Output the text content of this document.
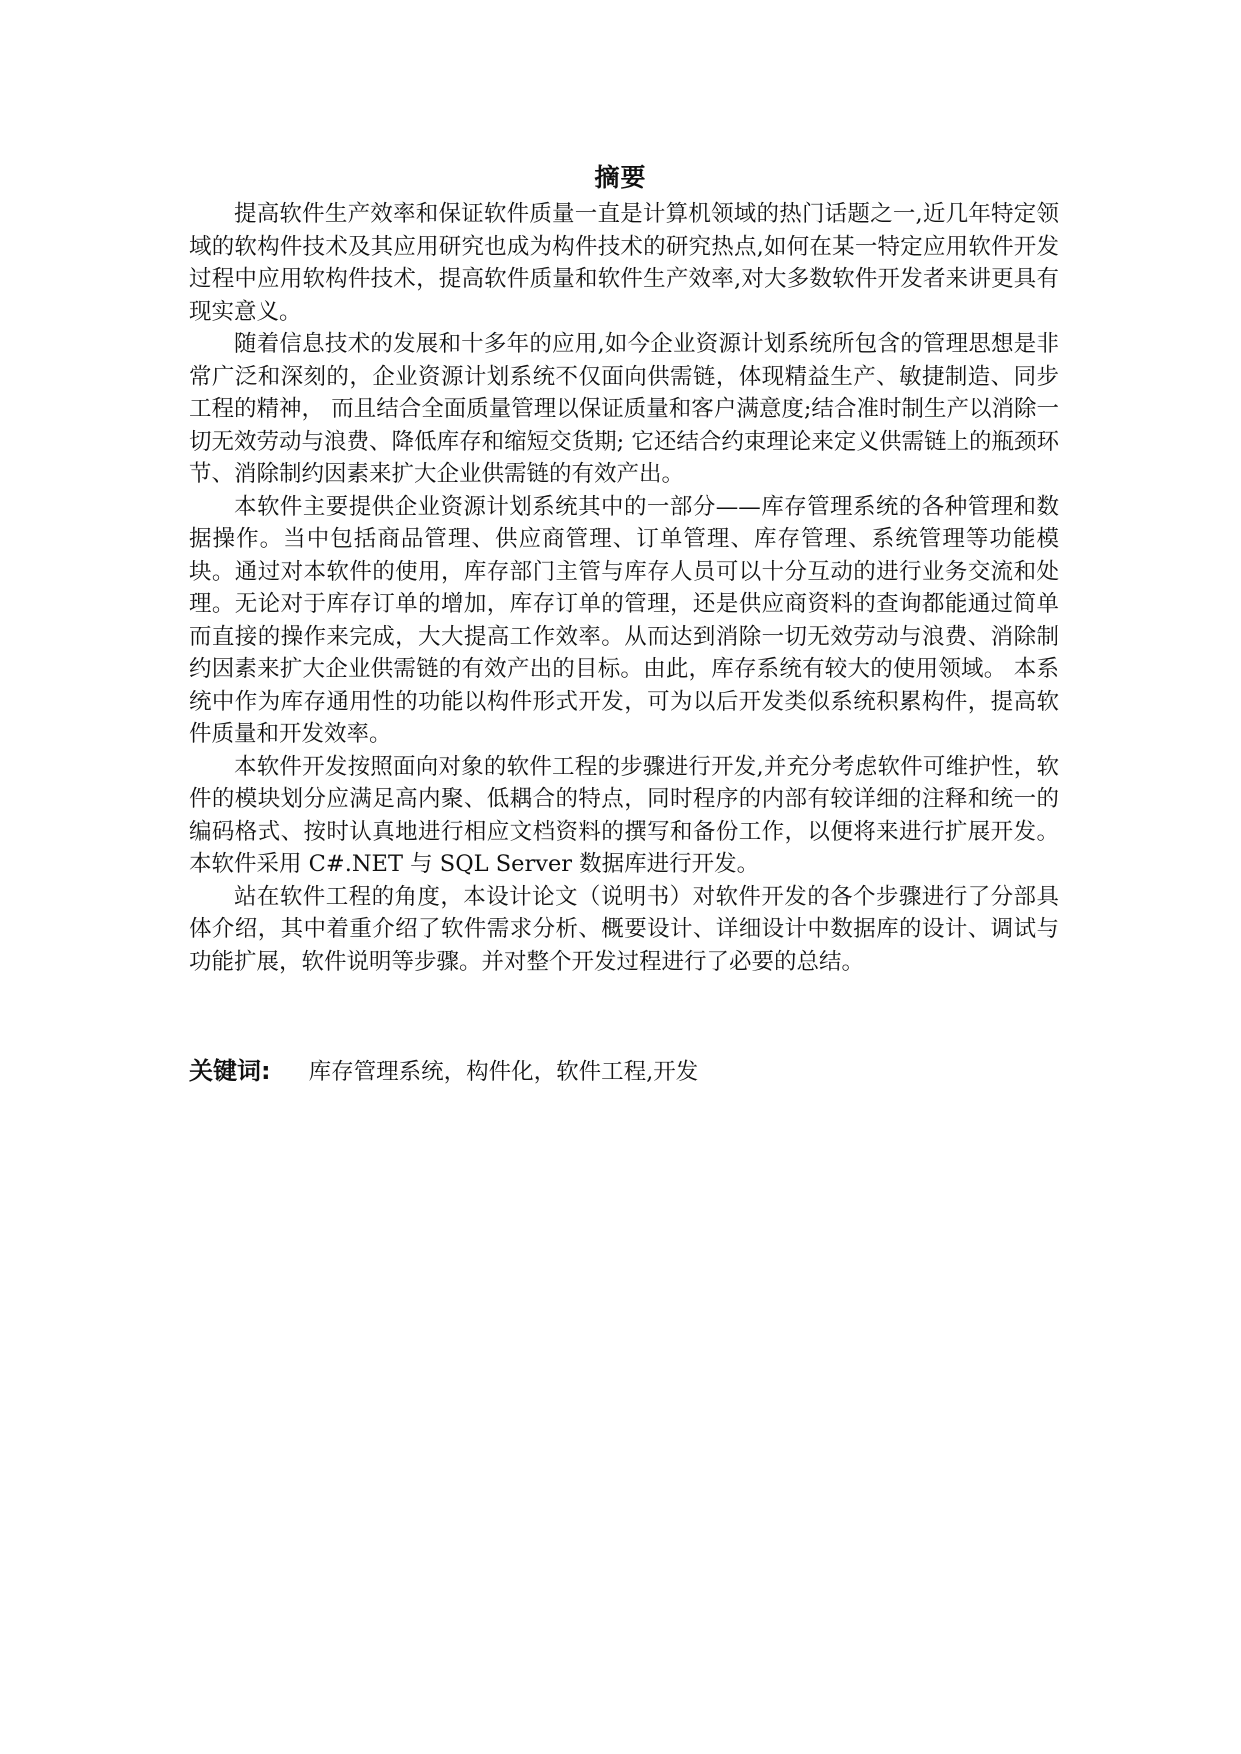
摘要

提高软件生产效率和保证软件质量一直是计算机领域的热门话题之一,近几年特定领域的软构件技术及其应用研究也成为构件技术的研究热点,如何在某一特定应用软件开发过程中应用软构件技术，提高软件质量和软件生产效率,对大多数软件开发者来讲更具有现实意义。

随着信息技术的发展和十多年的应用,如今企业资源计划系统所包含的管理思想是非常广泛和深刻的，企业资源计划系统不仅面向供需链，体现精益生产、敏捷制造、同步工程的精神， 而且结合全面质量管理以保证质量和客户满意度;结合准时制生产以消除一切无效劳动与浪费、降低库存和缩短交货期; 它还结合约束理论来定义供需链上的瓶颈环节、消除制约因素来扩大企业供需链的有效产出。

本软件主要提供企业资源计划系统其中的一部分——库存管理系统的各种管理和数据操作。当中包括商品管理、供应商管理、订单管理、库存管理、系统管理等功能模块。通过对本软件的使用，库存部门主管与库存人员可以十分互动的进行业务交流和处理。无论对于库存订单的增加，库存订单的管理，还是供应商资料的查询都能通过简单而直接的操作来完成，大大提高工作效率。从而达到消除一切无效劳动与浪费、消除制约因素来扩大企业供需链的有效产出的目标。由此，库存系统有较大的使用领域。 本系统中作为库存通用性的功能以构件形式开发，可为以后开发类似系统积累构件，提高软件质量和开发效率。

本软件开发按照面向对象的软件工程的步骤进行开发,并充分考虑软件可维护性，软件的模块划分应满足高内聚、低耦合的特点，同时程序的内部有较详细的注释和统一的编码格式、按时认真地进行相应文档资料的撰写和备份工作，以便将来进行扩展开发。本软件采用 C#.NET 与 SQL Server 数据库进行开发。

站在软件工程的角度，本设计论文（说明书）对软件开发的各个步骤进行了分部具体介绍，其中着重介绍了软件需求分析、概要设计、详细设计中数据库的设计、调试与功能扩展，软件说明等步骤。并对整个开发过程进行了必要的总结。

关键词: 库存管理系统，构件化，软件工程,开发
